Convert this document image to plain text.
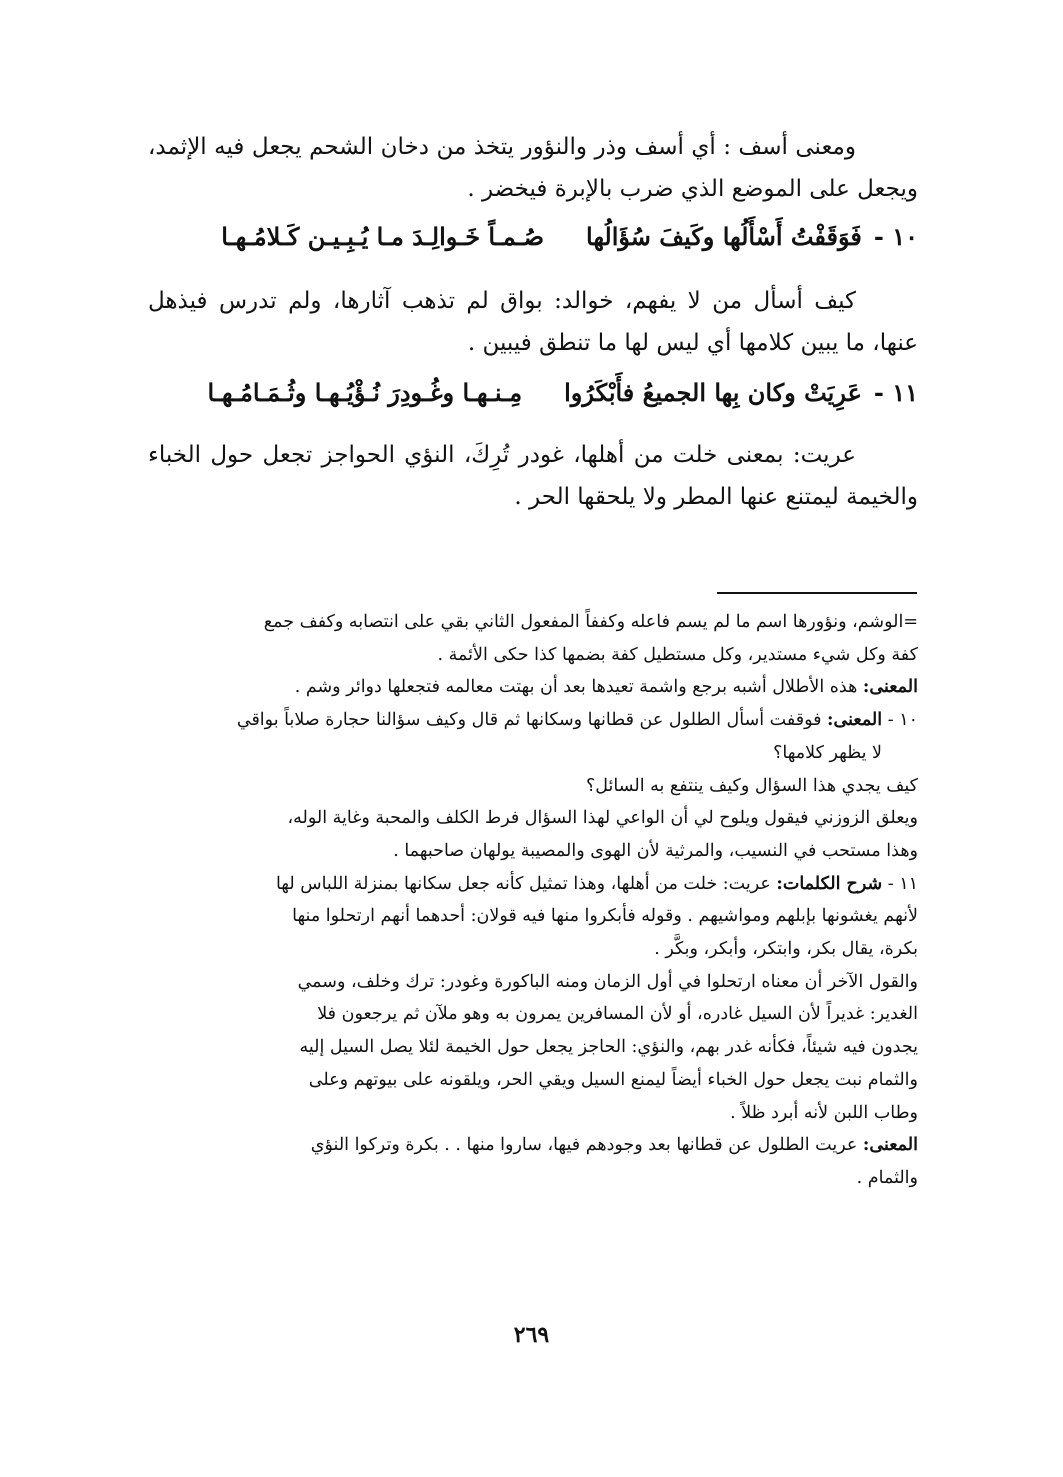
ومعنى أسف : أي أسف وذر والنؤور يتخذ من دخان الشحم يجعل فيه الإثمد، ويجعل على الموضع الذي ضرب بالإبرة فيخضر .

١٠ -
فَوَقَفْتُ أَسْأَلُها وكَيفَ سُؤَالُها
صُـمـاً خَـوالِـدَ مـا يُـبِـيـن كَـلامُـهـا

كيف أسأل من لا يفهم، خوالد: بواق لم تذهب آثارها، ولم تدرس فيذهل عنها، ما يبين كلامها أي ليس لها ما تنطق فيبين .

١١ -
عَرِيَتْ وكان بِها الجميعُ فأَبْكَرُوا
مِـنـهـا وغُـودِرَ نُـؤْيُـهـا وثُـمَـامُـهـا

عريت: بمعنى خلت من أهلها، غودر تُرِكَ، النؤي الحواجز تجعل حول الخباء والخيمة ليمتنع عنها المطر ولا يلحقها الحر .

=الوشم، ونؤورها اسم ما لم يسم فاعله وكففاً المفعول الثاني بقي على انتصابه وكفف جمع

كفة وكل شيء مستدير، وكل مستطيل كفة بضمها كذا حكى الأئمة .

المعنى: هذه الأطلال أشبه برجع واشمة تعيدها بعد أن بهتت معالمه فتجعلها دوائر وشم .

١٠ - المعنى: فوقفت أسأل الطلول عن قطانها وسكانها ثم قال وكيف سؤالنا حجارة صلاباً بواقي

لا يظهر كلامها؟

كيف يجدي هذا السؤال وكيف ينتفع به السائل؟

ويعلق الزوزني فيقول ويلوح لي أن الواعي لهذا السؤال فرط الكلف والمحبة وغاية الوله،

وهذا مستحب في النسيب، والمرثية لأن الهوى والمصيبة يولهان صاحبهما .

١١ - شرح الكلمات: عريت: خلت من أهلها، وهذا تمثيل كأنه جعل سكانها بمنزلة اللباس لها

لأنهم يغشونها بإبلهم ومواشيهم . وقوله فأبكروا منها فيه قولان: أحدهما أنهم ارتحلوا منها

بكرة، يقال بكر، وابتكر، وأبكر، وبكَّر .

والقول الآخر أن معناه ارتحلوا في أول الزمان ومنه الباكورة وغودر: ترك وخلف، وسمي

الغدير: غديراً لأن السيل غادره، أو لأن المسافرين يمرون به وهو ملآن ثم يرجعون فلا

يجدون فيه شيئاً، فكأنه غدر بهم، والنؤي: الحاجز يجعل حول الخيمة لئلا يصل السيل إليه

والثمام نبت يجعل حول الخباء أيضاً ليمنع السيل ويقي الحر، ويلقونه على بيوتهم وعلى

وطاب اللبن لأنه أبرد ظلاً .

المعنى: عريت الطلول عن قطانها بعد وجودهم فيها، ساروا منها . . بكرة وتركوا النؤي

والثمام .

٢٦٩
